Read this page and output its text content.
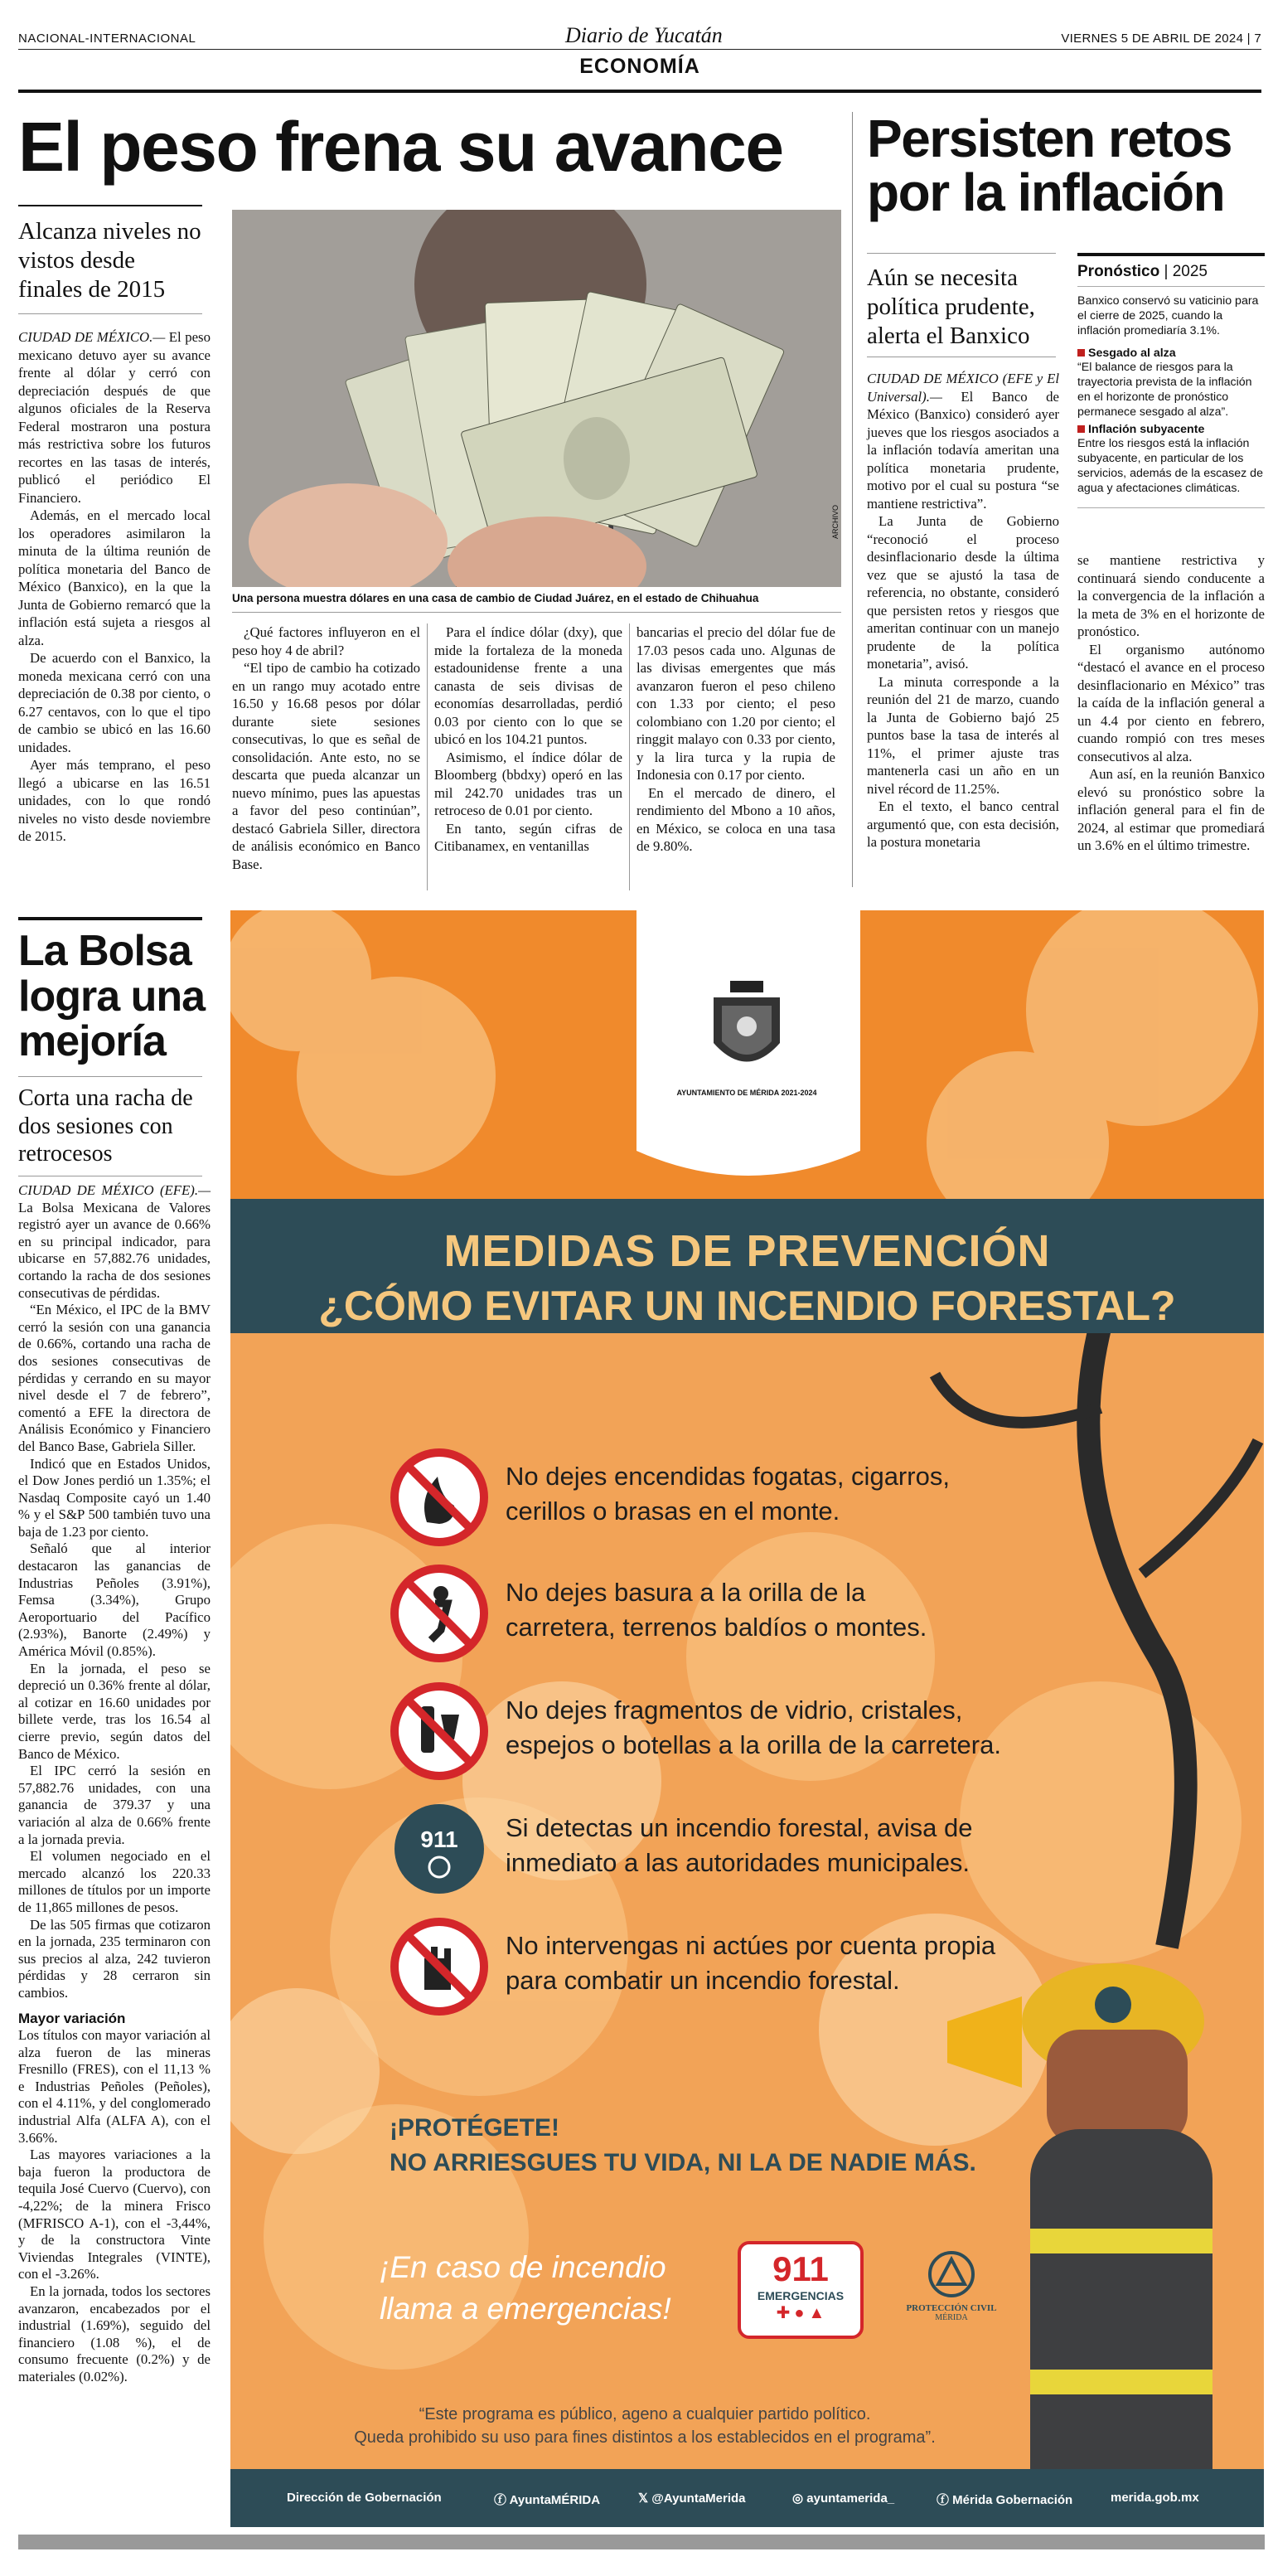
NACIONAL-INTERNACIONAL	Diario de Yucatán	VIERNES 5 DE ABRIL DE 2024 | 7
ECONOMÍA
El peso frena su avance
Alcanza niveles no vistos desde finales de 2015

CIUDAD DE MÉXICO.— El peso mexicano detuvo ayer su avance frente al dólar y cerró con depreciación después de que algunos oficiales de la Reserva Federal mostraron una postura más restrictiva sobre los futuros recortes en las tasas de interés, publicó el periódico El Financiero.

Además, en el mercado local los operadores asimilaron la minuta de la última reunión de política monetaria del Banco de México (Banxico), en la que la Junta de Gobierno remarcó que la inflación está sujeta a riesgos al alza.

De acuerdo con el Banxico, la moneda mexicana cerró con una depreciación de 0.38 por ciento, o 6.27 centavos, con lo que el tipo de cambio se ubicó en las 16.60 unidades.

Ayer más temprano, el peso llegó a ubicarse en las 16.51 unidades, con lo que rondó niveles no visto desde noviembre de 2015.

Una persona muestra dólares en una casa de cambio de Ciudad Juárez, en el estado de Chihuahua
ARCHIVO

¿Qué factores influyeron en el peso hoy 4 de abril?

“El tipo de cambio ha cotizado en un rango muy acotado entre 16.50 y 16.68 pesos por dólar durante siete sesiones consecutivas, lo que es señal de consolidación. Ante esto, no se descarta que pueda alcanzar un nuevo mínimo, pues las apuestas a favor del peso continúan”, destacó Gabriela Siller, directora de análisis económico en Banco Base.

Para el índice dólar (dxy), que mide la fortaleza de la moneda estadounidense frente a una canasta de seis divisas de economías desarrolladas, perdió 0.03 por ciento con lo que se ubicó en los 104.21 puntos.

Asimismo, el índice dólar de Bloomberg (bbdxy) operó en las mil 242.70 unidades tras un retroceso de 0.01 por ciento.

En tanto, según cifras de Citibanamex, en ventanillas

bancarias el precio del dólar fue de 17.03 pesos cada uno. Algunas de las divisas emergentes que más avanzaron fueron el peso chileno con 1.33 por ciento; el peso colombiano con 1.20 por ciento; el ringgit malayo con 0.33 por ciento, y la lira turca y la rupia de Indonesia con 0.17 por ciento.

En el mercado de dinero, el rendimiento del Mbono a 10 años, en México, se coloca en una tasa de 9.80%.

Persisten retos por la inflación
Aún se necesita política prudente, alerta el Banxico

CIUDAD DE MÉXICO (EFE y El Universal).— El Banco de México (Banxico) consideró ayer jueves que los riesgos asociados a la inflación todavía ameritan una política monetaria prudente, motivo por el cual su postura “se mantiene restrictiva”.

La Junta de Gobierno “reconoció el proceso desinflacionario desde la última vez que se ajustó la tasa de referencia, no obstante, consideró que persisten retos y riesgos que ameritan continuar con un manejo prudente de la política monetaria”, avisó.

La minuta corresponde a la reunión del 21 de marzo, cuando la Junta de Gobierno bajó 25 puntos base la tasa de interés al 11%, el primer ajuste tras mantenerla casi un año en un nivel récord de 11.25%.

En el texto, el banco central argumentó que, con esta decisión, la postura monetaria

Pronóstico | 2025
Banxico conservó su vaticinio para el cierre de 2025, cuando la inflación promediaría 3.1%.
Sesgado al alza
“El balance de riesgos para la trayectoria prevista de la inflación en el horizonte de pronóstico permanece sesgado al alza”.
Inflación subyacente
Entre los riesgos está la inflación subyacente, en particular de los servicios, además de la escasez de agua y afectaciones climáticas.

se mantiene restrictiva y continuará siendo conducente a la convergencia de la inflación a la meta de 3% en el horizonte de pronóstico.

El organismo autónomo “destacó el avance en el proceso desinflacionario en México” tras la caída de la inflación general a un 4.4 por ciento en febrero, cuando rompió con tres meses consecutivos al alza.

Aun así, en la reunión Banxico elevó su pronóstico sobre la inflación general para el fin de 2024, al estimar que promediará un 3.6% en el último trimestre.

La Bolsa logra una mejoría
Corta una racha de dos sesiones con retrocesos

CIUDAD DE MÉXICO (EFE).— La Bolsa Mexicana de Valores registró ayer un avance de 0.66% en su principal indicador, para ubicarse en 57,882.76 unidades, cortando la racha de dos sesiones consecutivas de pérdidas.

“En México, el IPC de la BMV cerró la sesión con una ganancia de 0.66%, cortando una racha de dos sesiones consecutivas de pérdidas y cerrando en su mayor nivel desde el 7 de febrero”, comentó a EFE la directora de Análisis Económico y Financiero del Banco Base, Gabriela Siller.

Indicó que en Estados Unidos, el Dow Jones perdió un 1.35%; el Nasdaq Composite cayó un 1.40 % y el S&P 500 también tuvo una baja de 1.23 por ciento.

Señaló que al interior destacaron las ganancias de Industrias Peñoles (3.91%), Femsa (3.34%), Grupo Aeroportuario del Pacífico (2.93%), Banorte (2.49%) y América Móvil (0.85%).

En la jornada, el peso se depreció un 0.36% frente al dólar, al cotizar en 16.60 unidades por billete verde, tras los 16.54 al cierre previo, según datos del Banco de México.

El IPC cerró la sesión en 57,882.76 unidades, con una ganancia de 379.37 y una variación al alza de 0.66% frente a la jornada previa.

El volumen negociado en el mercado alcanzó los 220.33 millones de títulos por un importe de 11,865 millones de pesos.

De las 505 firmas que cotizaron en la jornada, 235 terminaron con sus precios al alza, 242 tuvieron pérdidas y 28 cerraron sin cambios.

Mayor variación

Los títulos con mayor variación al alza fueron de las mineras Fresnillo (FRES), con el 11,13 % e Industrias Peñoles (Peñoles), con el 4.11%, y del conglomerado industrial Alfa (ALFA A), con el 3.66%.

Las mayores variaciones a la baja fueron la productora de tequila José Cuervo (Cuervo), con -4,22%; de la minera Frisco (MFRISCO A-1), con el -3,44%, y de la constructora Vinte Viviendas Integrales (VINTE), con el -3.26%.

En la jornada, todos los sectores avanzaron, encabezados por el industrial (1.69%), seguido del financiero (1.08 %), el de consumo frecuente (0.2%) y de materiales (0.02%).

AYUNTAMIENTO DE MÉRIDA 2021-2024
MEDIDAS DE PREVENCIÓN
¿CÓMO EVITAR UN INCENDIO FORESTAL?
No dejes encendidas fogatas, cigarros,
cerillos o brasas en el monte.
No dejes basura a la orilla de la
carretera, terrenos baldíos o montes.
No dejes fragmentos de vidrio, cristales,
espejos o botellas a la orilla de la carretera.
911 Si detectas un incendio forestal, avisa de
inmediato a las autoridades municipales.
No intervengas ni actúes por cuenta propia
para combatir un incendio forestal.
¡PROTÉGETE!
NO ARRIESGUES TU VIDA, NI LA DE NADIE MÁS.
¡En caso de incendio
llama a emergencias!
911
EMERGENCIAS
✚ ● ▲	PROTECCIÓN CIVIL
MÉRIDA
“Este programa es público, ageno a cualquier partido político.
Queda prohibido su uso para fines distintos a los establecidos en el programa”.
Dirección de Gobernación	ⓕ AyuntaMÉRIDA	𝕏 @AyuntaMerida	◎ ayuntamerida_	ⓕ Mérida Gobernación	merida.gob.mx
